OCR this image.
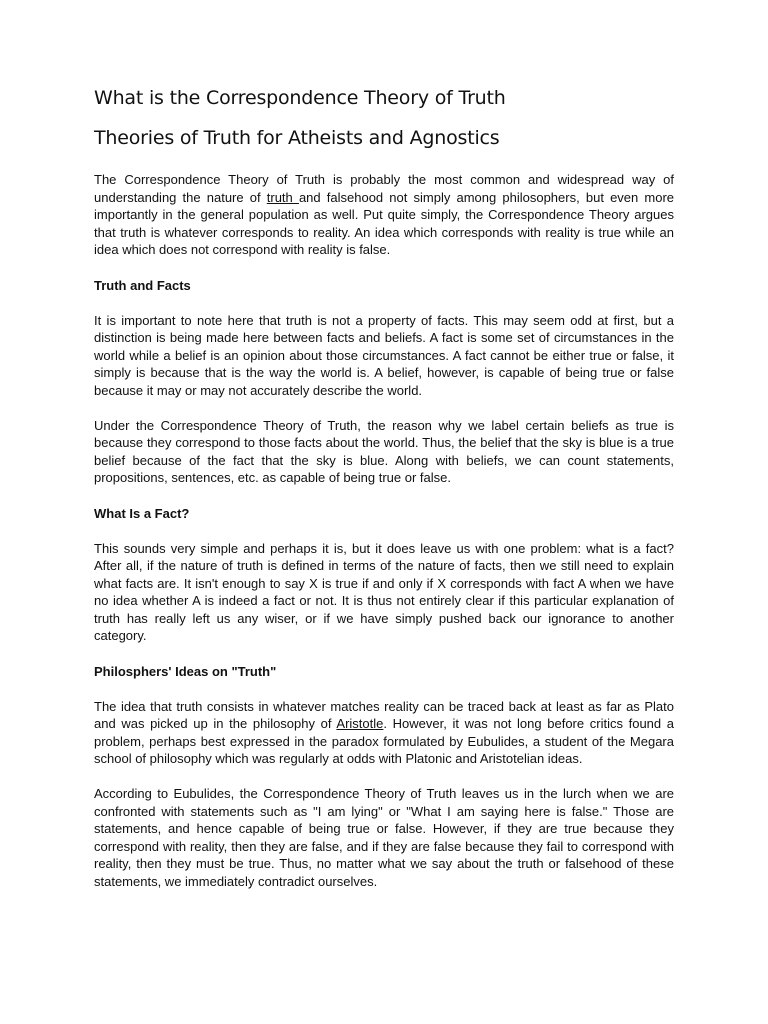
What is the Correspondence Theory of Truth
Theories of Truth for Atheists and Agnostics

The Correspondence Theory of Truth is probably the most common and widespread way of understanding the nature of truth and falsehood not simply among philosophers, but even more importantly in the general population as well. Put quite simply, the Correspondence Theory argues that truth is whatever corresponds to reality. An idea which corresponds with reality is true while an idea which does not correspond with reality is false.

Truth and Facts

It is important to note here that truth is not a property of facts. This may seem odd at first, but a distinction is being made here between facts and beliefs. A fact is some set of circumstances in the world while a belief is an opinion about those circumstances. A fact cannot be either true or false, it simply is because that is the way the world is. A belief, however, is capable of being true or false because it may or may not accurately describe the world.

Under the Correspondence Theory of Truth, the reason why we label certain beliefs as true is because they correspond to those facts about the world. Thus, the belief that the sky is blue is a true belief because of the fact that the sky is blue. Along with beliefs, we can count statements, propositions, sentences, etc. as capable of being true or false.

What Is a Fact?

This sounds very simple and perhaps it is, but it does leave us with one problem: what is a fact? After all, if the nature of truth is defined in terms of the nature of facts, then we still need to explain what facts are. It isn't enough to say X is true if and only if X corresponds with fact A when we have no idea whether A is indeed a fact or not. It is thus not entirely clear if this particular explanation of truth has really left us any wiser, or if we have simply pushed back our ignorance to another category.

Philosphers' Ideas on "Truth"

The idea that truth consists in whatever matches reality can be traced back at least as far as Plato and was picked up in the philosophy of Aristotle. However, it was not long before critics found a problem, perhaps best expressed in the paradox formulated by Eubulides, a student of the Megara school of philosophy which was regularly at odds with Platonic and Aristotelian ideas.

According to Eubulides, the Correspondence Theory of Truth leaves us in the lurch when we are confronted with statements such as "I am lying" or "What I am saying here is false." Those are statements, and hence capable of being true or false. However, if they are true because they correspond with reality, then they are false, and if they are false because they fail to correspond with reality, then they must be true. Thus, no matter what we say about the truth or falsehood of these statements, we immediately contradict ourselves.
